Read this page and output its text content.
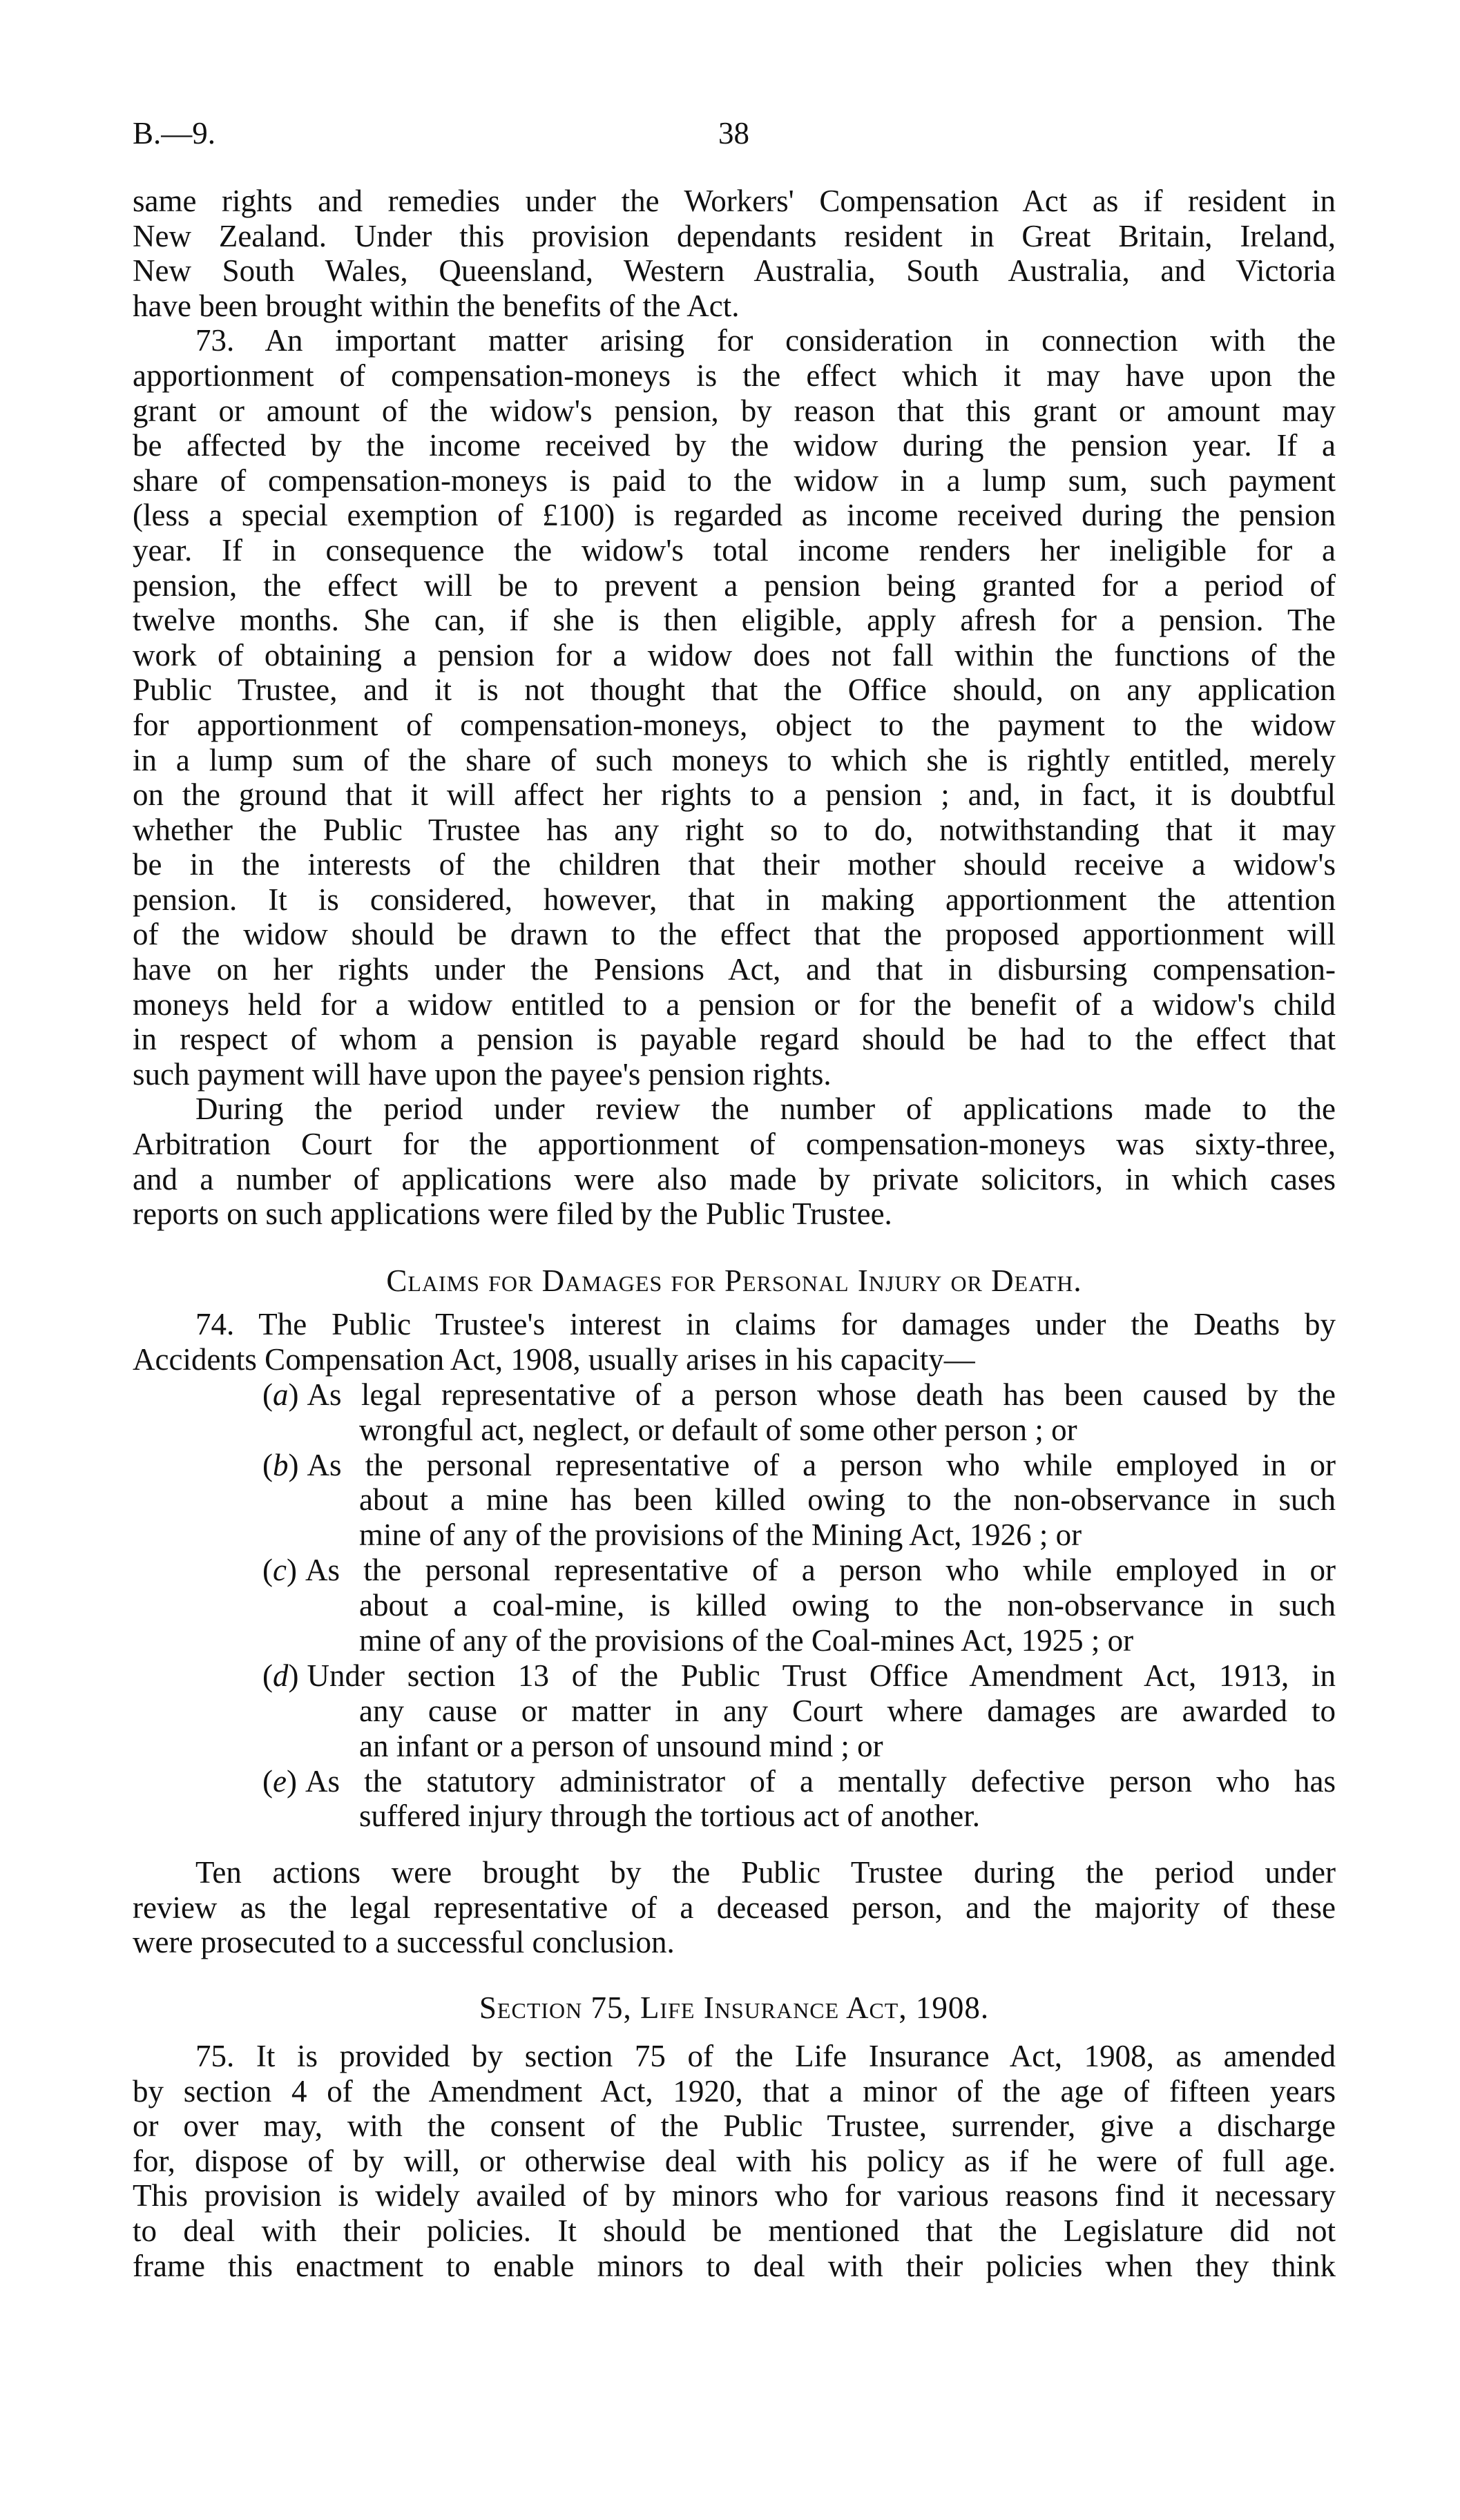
B.—9.	38
same rights and remedies under the Workers' Compensation Act as if resident in
New Zealand. Under this provision dependants resident in Great Britain, Ireland,
New South Wales, Queensland, Western Australia, South Australia, and Victoria
have been brought within the benefits of the Act.
73. An important matter arising for consideration in connection with the
apportionment of compensation-moneys is the effect which it may have upon the
grant or amount of the widow's pension, by reason that this grant or amount may
be affected by the income received by the widow during the pension year. If a
share of compensation-moneys is paid to the widow in a lump sum, such payment
(less a special exemption of £100) is regarded as income received during the pension
year. If in consequence the widow's total income renders her ineligible for a
pension, the effect will be to prevent a pension being granted for a period of
twelve months. She can, if she is then eligible, apply afresh for a pension. The
work of obtaining a pension for a widow does not fall within the functions of the
Public Trustee, and it is not thought that the Office should, on any application
for apportionment of compensation-moneys, object to the payment to the widow
in a lump sum of the share of such moneys to which she is rightly entitled, merely
on the ground that it will affect her rights to a pension ; and, in fact, it is doubtful
whether the Public Trustee has any right so to do, notwithstanding that it may
be in the interests of the children that their mother should receive a widow's
pension. It is considered, however, that in making apportionment the attention
of the widow should be drawn to the effect that the proposed apportionment will
have on her rights under the Pensions Act, and that in disbursing compensation-
moneys held for a widow entitled to a pension or for the benefit of a widow's child
in respect of whom a pension is payable regard should be had to the effect that
such payment will have upon the payee's pension rights.
During the period under review the number of applications made to the
Arbitration Court for the apportionment of compensation-moneys was sixty-three,
and a number of applications were also made by private solicitors, in which cases
reports on such applications were filed by the Public Trustee.
Claims for Damages for Personal Injury or Death.
74. The Public Trustee's interest in claims for damages under the Deaths by
Accidents Compensation Act, 1908, usually arises in his capacity—
( a ) As legal representative of a person whose death has been caused by the
wrongful act, neglect, or default of some other person ; or
( b ) As the personal representative of a person who while employed in or
about a mine has been killed owing to the non-observance in such
mine of any of the provisions of the Mining Act, 1926 ; or
( c ) As the personal representative of a person who while employed in or
about a coal-mine, is killed owing to the non-observance in such
mine of any of the provisions of the Coal-mines Act, 1925 ; or
( d ) Under section 13 of the Public Trust Office Amendment Act, 1913, in
any cause or matter in any Court where damages are awarded to
an infant or a person of unsound mind ; or
( e ) As the statutory administrator of a mentally defective person who has
suffered injury through the tortious act of another.
Ten actions were brought by the Public Trustee during the period under
review as the legal representative of a deceased person, and the majority of these
were prosecuted to a successful conclusion.
Section 75, Life Insurance Act, 1908.
75. It is provided by section 75 of the Life Insurance Act, 1908, as amended
by section 4 of the Amendment Act, 1920, that a minor of the age of fifteen years
or over may, with the consent of the Public Trustee, surrender, give a discharge
for, dispose of by will, or otherwise deal with his policy as if he were of full age.
This provision is widely availed of by minors who for various reasons find it necessary
to deal with their policies. It should be mentioned that the Legislature did not
frame this enactment to enable minors to deal with their policies when they think
